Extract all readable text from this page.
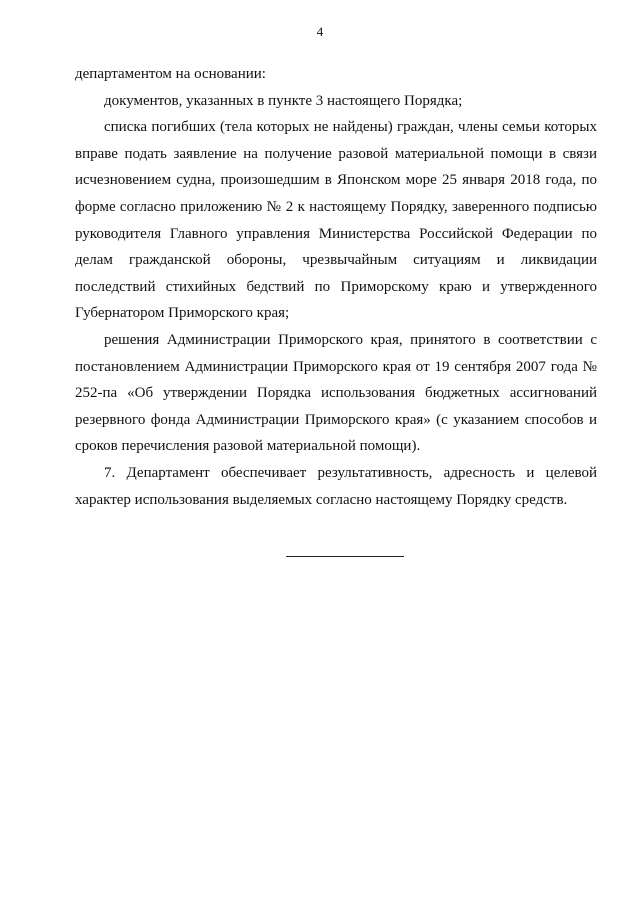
4

департаментом на основании:

документов, указанных в пункте 3 настоящего Порядка;

списка погибших (тела которых не найдены) граждан, члены семьи которых вправе подать заявление на получение разовой материальной помощи в связи исчезновением судна, произошедшим в Японском море 25 января 2018 года, по форме согласно приложению № 2 к настоящему Порядку, заверенного подписью руководителя Главного управления Министерства Российской Федерации по делам гражданской обороны, чрезвычайным ситуациям и ликвидации последствий стихийных бедствий по Приморскому краю и утвержденного Губернатором Приморского края;

решения Администрации Приморского края, принятого в соответствии с постановлением Администрации Приморского края от 19 сентября 2007 года № 252-па «Об утверждении Порядка использования бюджетных ассигнований резервного фонда Администрации Приморского края» (с указанием способов и сроков перечисления разовой материальной помощи).

7. Департамент обеспечивает результативность, адресность и целевой характер использования выделяемых согласно настоящему Порядку средств.
